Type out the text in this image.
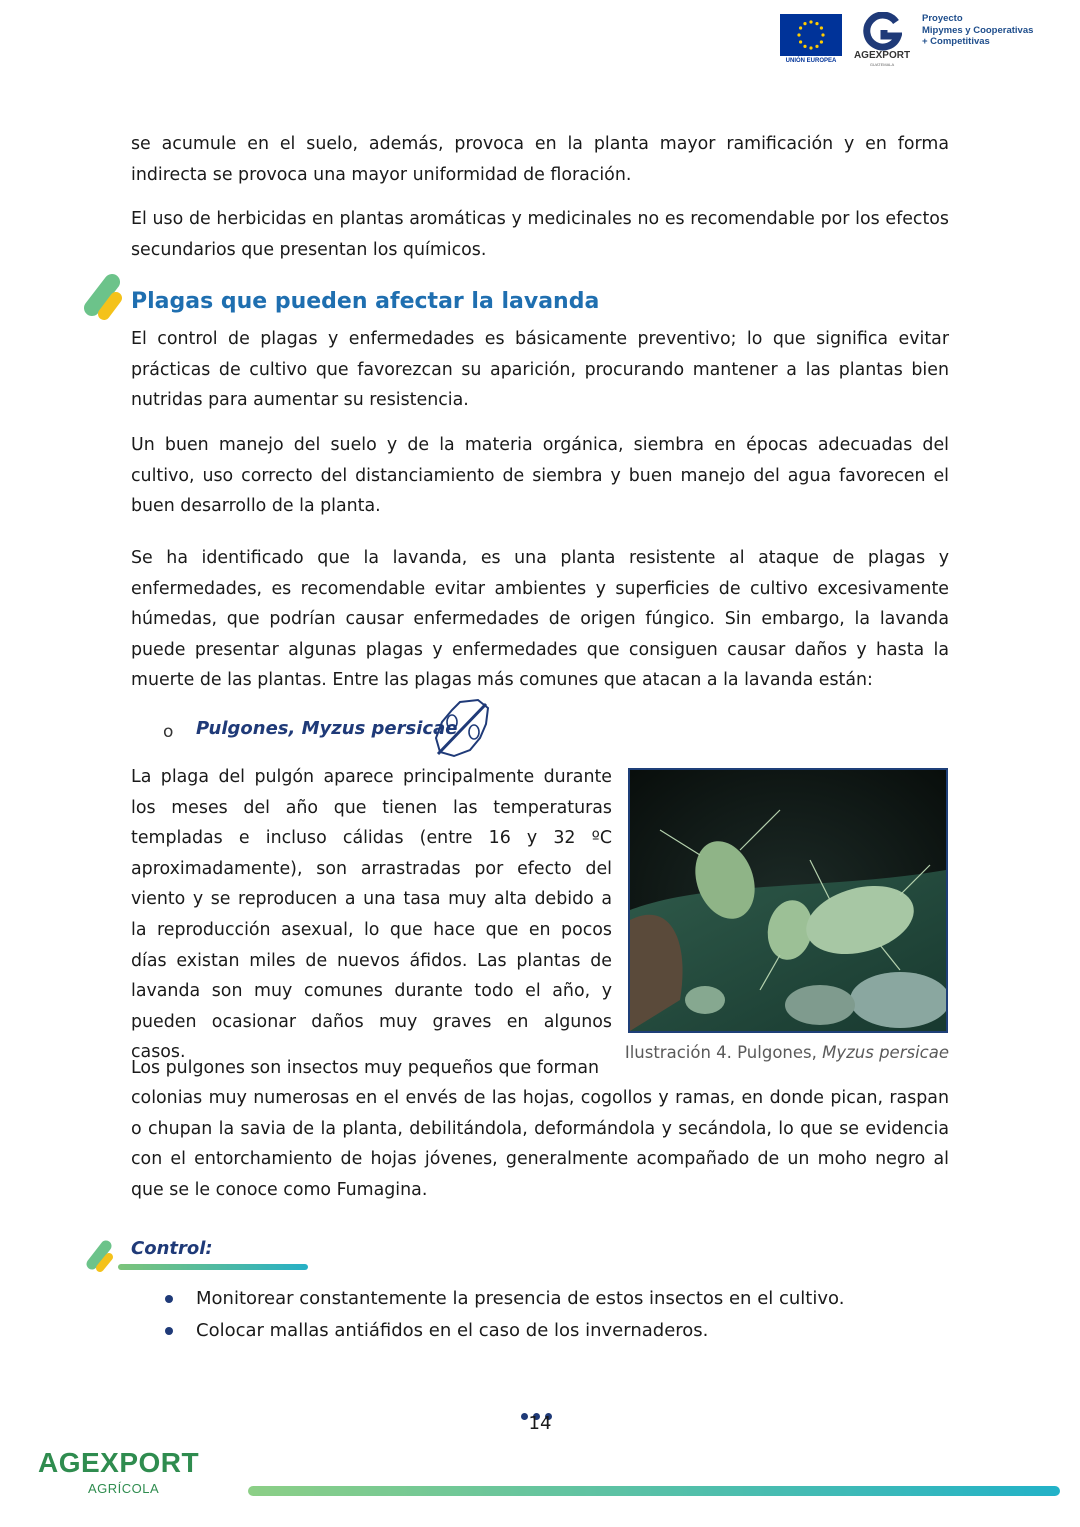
UNIÓN EUROPEA	AGEXPORT
GUATEMALA
Proyecto
Mipymes y Cooperativas
+ Competitivas

se acumule en el suelo, además, provoca en la planta mayor ramificación y en forma indirecta se provoca una mayor uniformidad de floración.

El uso de herbicidas en plantas aromáticas y medicinales no es recomendable por los efectos secundarios que presentan los químicos.

Plagas que pueden afectar la lavanda

El control de plagas y enfermedades es básicamente preventivo; lo que significa evitar prácticas de cultivo que favorezcan su aparición, procurando mantener a las plantas bien nutridas para aumentar su resistencia.

Un buen manejo del suelo y de la materia orgánica, siembra en épocas adecuadas del cultivo, uso correcto del distanciamiento de siembra y buen manejo del agua favorecen el buen desarrollo de la planta.

Se ha identificado que la lavanda, es una planta resistente al ataque de plagas y enfermedades, es recomendable evitar ambientes y superficies de cultivo excesivamente húmedas, que podrían causar enfermedades de origen fúngico. Sin embargo, la lavanda puede presentar algunas plagas y enfermedades que consiguen causar daños y hasta la muerte de las plantas. Entre las plagas más comunes que atacan a la lavanda están:

o Pulgones, Myzus persicae

La plaga del pulgón aparece principalmente durante los meses del año que tienen las temperaturas templadas e incluso cálidas (entre 16 y 32 ºC aproximadamente), son arrastradas por efecto del viento y se reproducen a una tasa muy alta debido a la reproducción asexual, lo que hace que en pocos días existan miles de nuevos áfidos. Las plantas de lavanda son muy comunes durante todo el año, y pueden ocasionar daños muy graves en algunos casos.	Ilustración 4. Pulgones, Myzus persicae

Los pulgones son insectos muy pequeños que forman

colonias muy numerosas en el envés de las hojas, cogollos y ramas, en donde pican, raspan o chupan la savia de la planta, debilitándola, deformándola y secándola, lo que se evidencia con el entorchamiento de hojas jóvenes, generalmente acompañado de un moho negro al que se le conoce como Fumagina.

Control:
Monitorear constantemente la presencia de estos insectos en el cultivo.
Colocar mallas antiáfidos en el caso de los invernaderos.
14
AGEXPORT
AGRÍCOLA
